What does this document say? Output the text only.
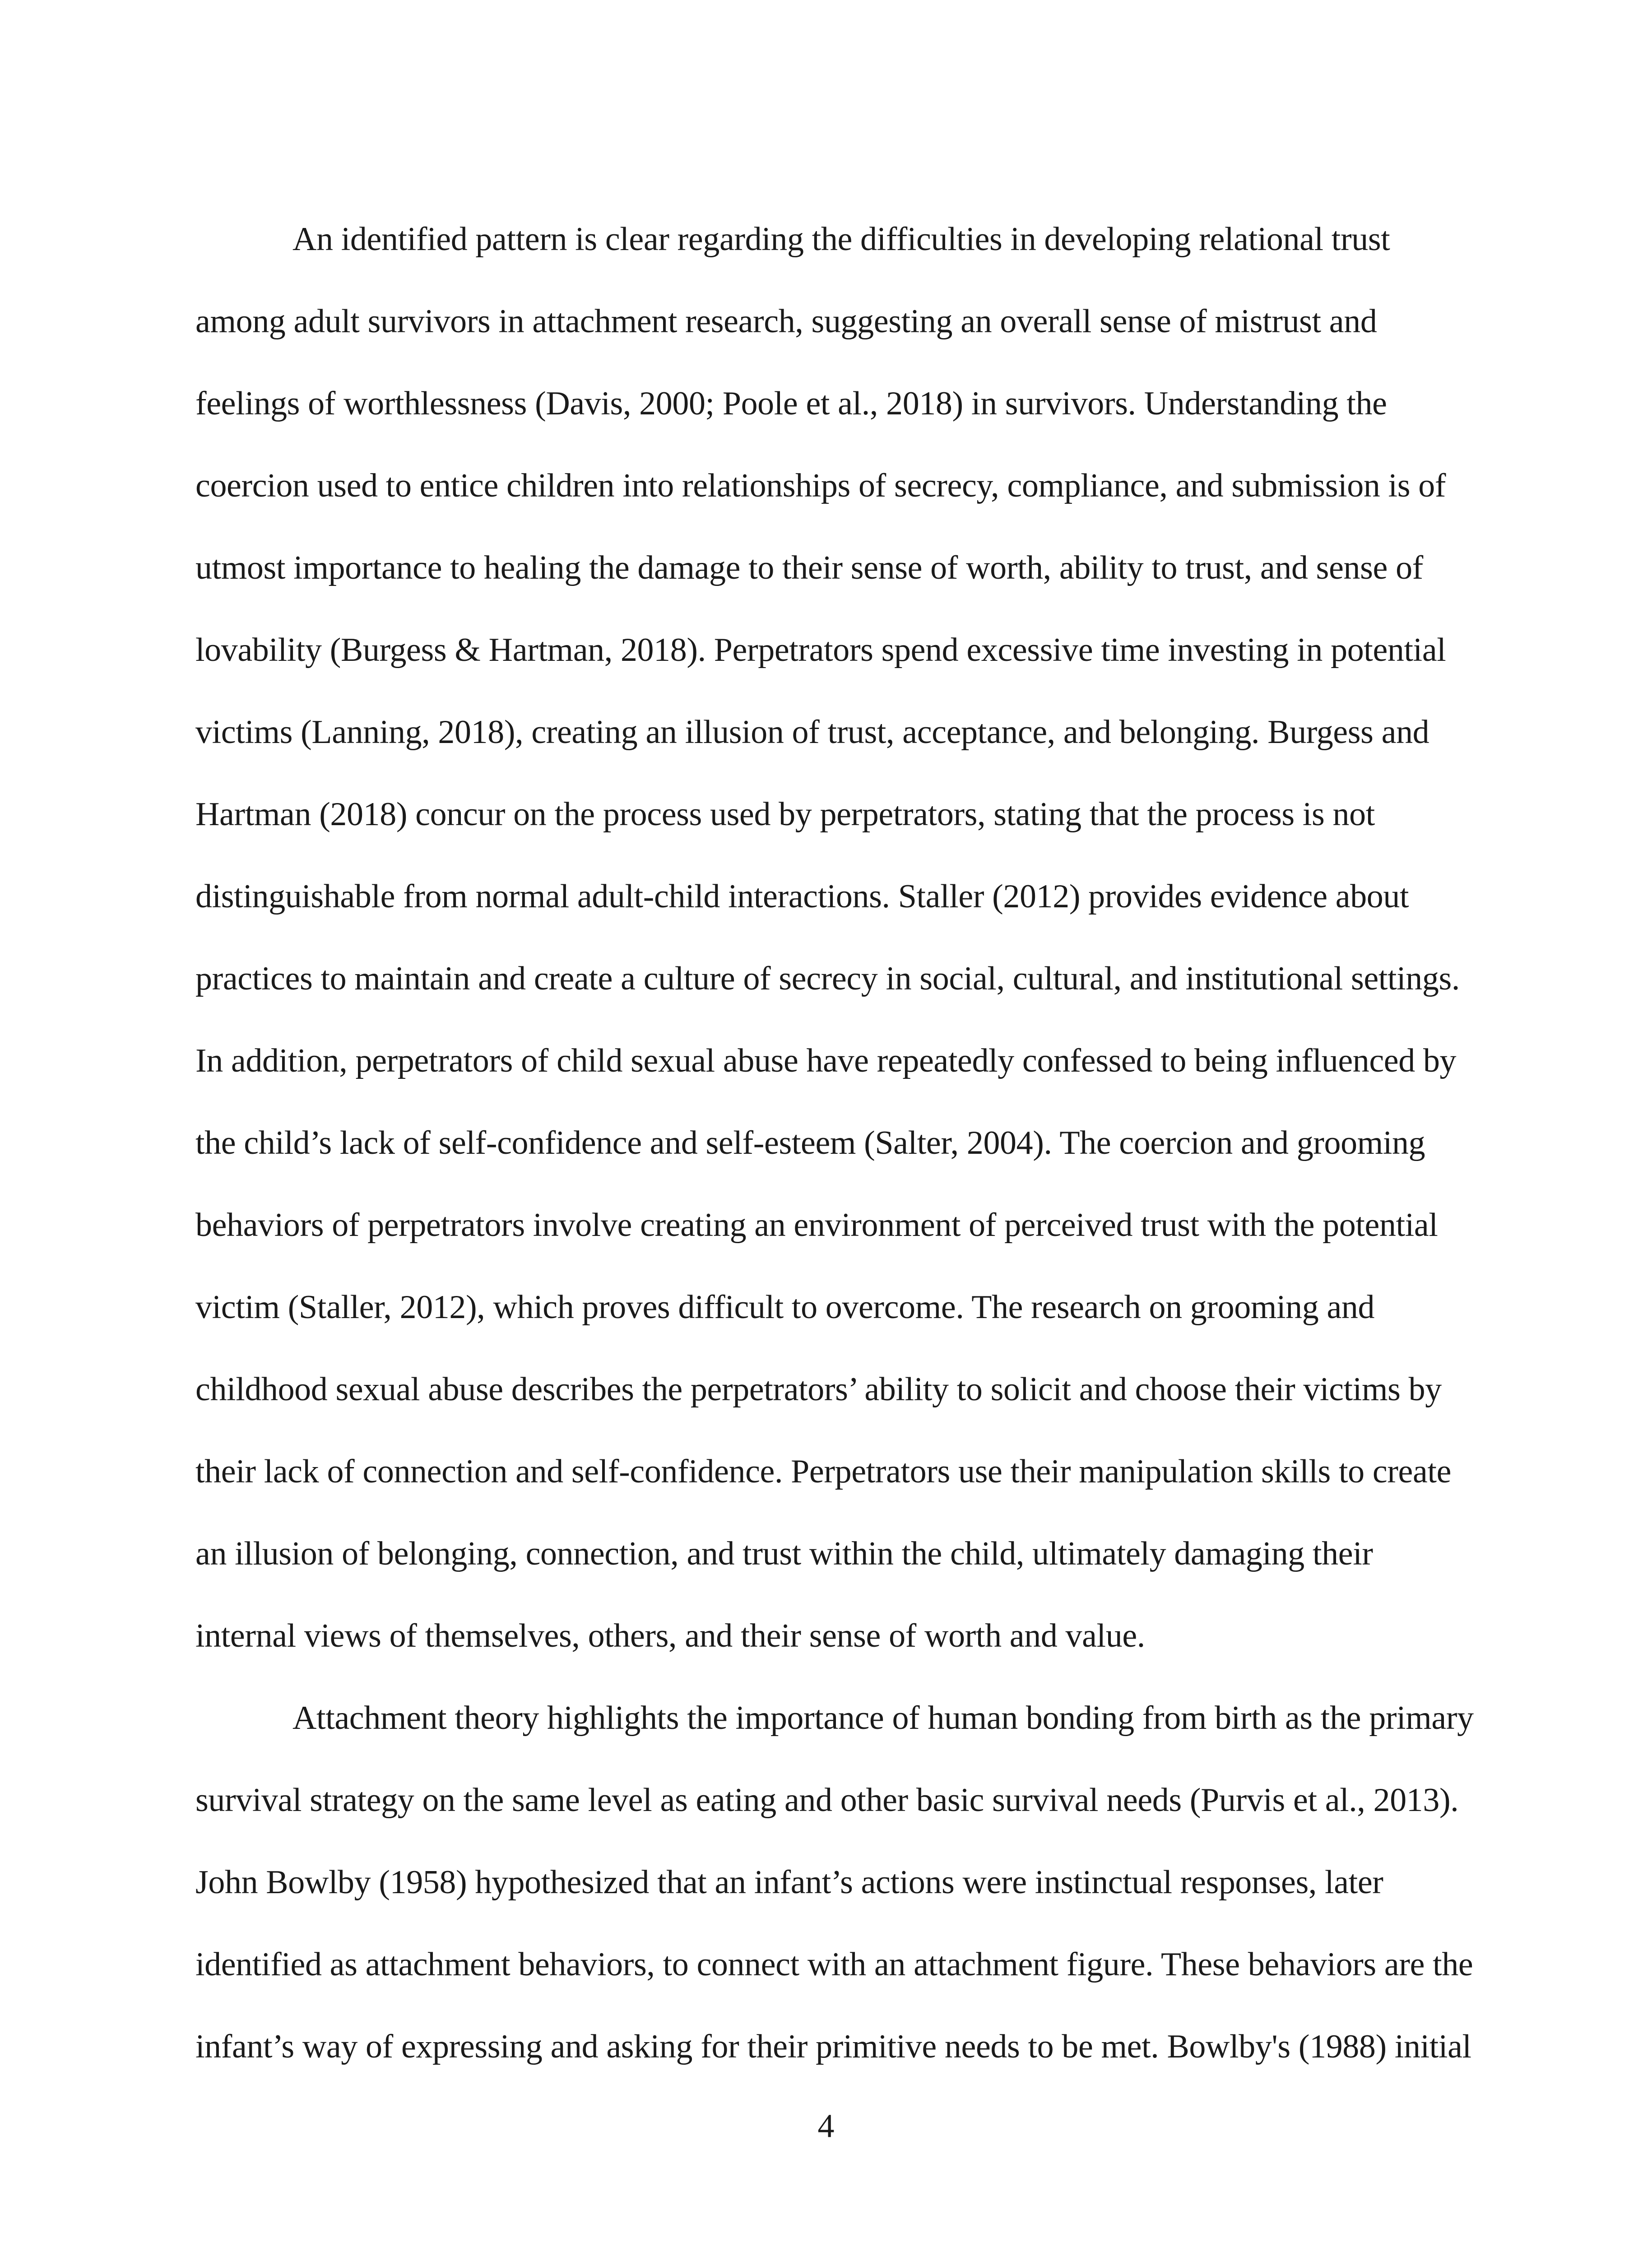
An identified pattern is clear regarding the difficulties in developing relational trust
among adult survivors in attachment research, suggesting an overall sense of mistrust and
feelings of worthlessness (Davis, 2000; Poole et al., 2018) in survivors. Understanding the
coercion used to entice children into relationships of secrecy, compliance, and submission is of
utmost importance to healing the damage to their sense of worth, ability to trust, and sense of
lovability (Burgess & Hartman, 2018). Perpetrators spend excessive time investing in potential
victims (Lanning, 2018), creating an illusion of trust, acceptance, and belonging. Burgess and
Hartman (2018) concur on the process used by perpetrators, stating that the process is not
distinguishable from normal adult-child interactions. Staller (2012) provides evidence about
practices to maintain and create a culture of secrecy in social, cultural, and institutional settings.
In addition, perpetrators of child sexual abuse have repeatedly confessed to being influenced by
the child’s lack of self-confidence and self-esteem (Salter, 2004). The coercion and grooming
behaviors of perpetrators involve creating an environment of perceived trust with the potential
victim (Staller, 2012), which proves difficult to overcome. The research on grooming and
childhood sexual abuse describes the perpetrators’ ability to solicit and choose their victims by
their lack of connection and self-confidence. Perpetrators use their manipulation skills to create
an illusion of belonging, connection, and trust within the child, ultimately damaging their
internal views of themselves, others, and their sense of worth and value.
Attachment theory highlights the importance of human bonding from birth as the primary
survival strategy on the same level as eating and other basic survival needs (Purvis et al., 2013).
John Bowlby (1958) hypothesized that an infant’s actions were instinctual responses, later
identified as attachment behaviors, to connect with an attachment figure. These behaviors are the
infant’s way of expressing and asking for their primitive needs to be met. Bowlby's (1988) initial
4
